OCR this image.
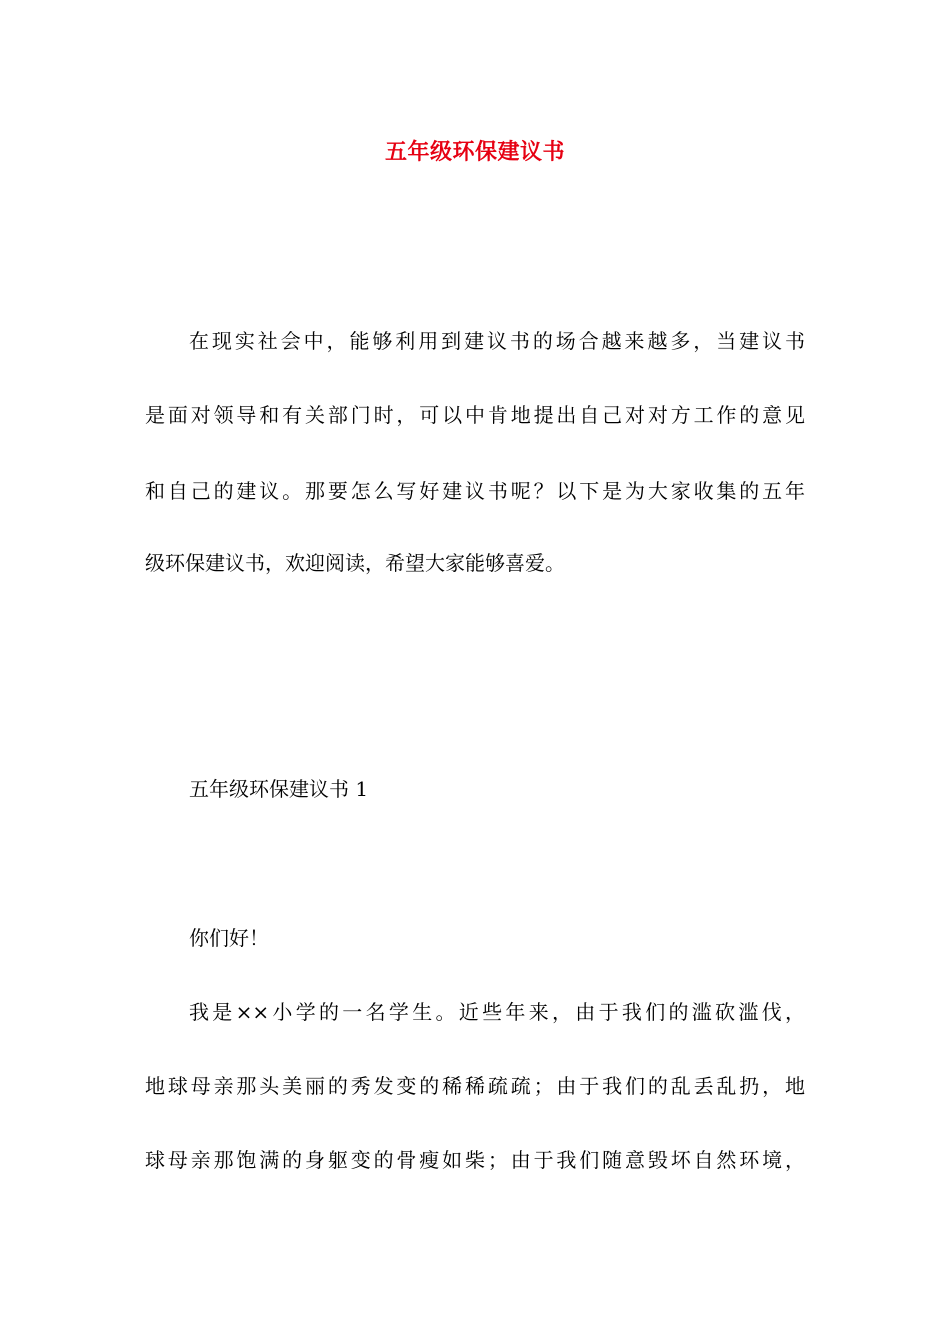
五年级环保建议书
在现实社会中，能够利用到建议书的场合越来越多，当建议书
是面对领导和有关部门时，可以中肯地提出自己对对方工作的意见
和自己的建议。那要怎么写好建议书呢？以下是为大家收集的五年
级环保建议书，欢迎阅读，希望大家能够喜爱。
五年级环保建议书 1
你们好！
我是××小学的一名学生。近些年来，由于我们的滥砍滥伐，
地球母亲那头美丽的秀发变的稀稀疏疏；由于我们的乱丢乱扔，地
球母亲那饱满的身躯变的骨瘦如柴；由于我们随意毁坏自然环境，
